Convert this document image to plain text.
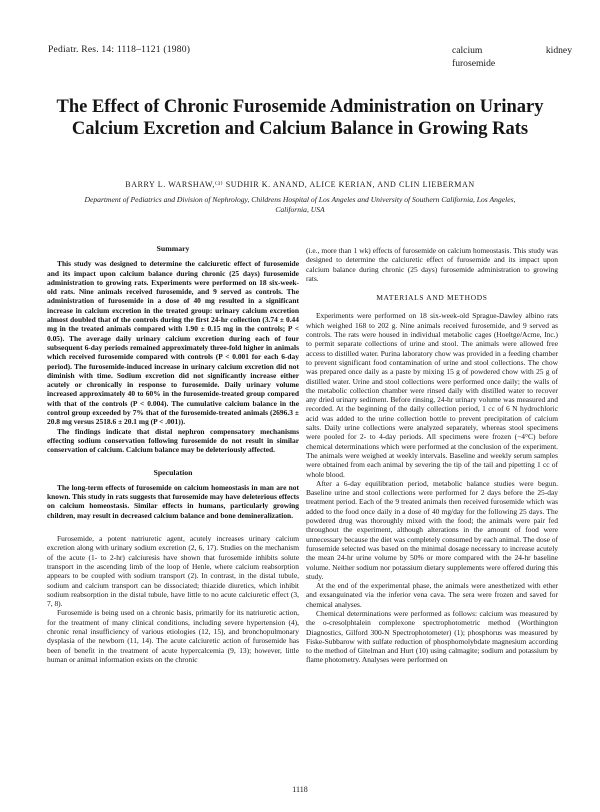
Pediatr. Res. 14: 1118–1121 (1980)	calcium	kidney
furosemide
The Effect of Chronic Furosemide Administration on Urinary Calcium Excretion and Calcium Balance in Growing Rats
BARRY L. WARSHAW,⁽³⁾ SUDHIR K. ANAND, ALICE KERIAN, AND CLIN LIEBERMAN
Department of Pediatrics and Division of Nephrology, Childrens Hospital of Los Angeles and University of Southern California, Los Angeles, California, USA
Summary

This study was designed to determine the calciuretic effect of furosemide and its impact upon calcium balance during chronic (25 days) furosemide administration to growing rats. Experiments were performed on 18 six-week-old rats. Nine animals received furosemide, and 9 served as controls. The administration of furosemide in a dose of 40 mg resulted in a significant increase in calcium excretion in the treated group: urinary calcium excretion almost doubled that of the controls during the first 24-hr collection (3.74 ± 0.44 mg in the treated animals compared with 1.90 ± 0.15 mg in the controls; P < 0.05). The average daily urinary calcium excretion during each of four subsequent 6-day periods remained approximately three-fold higher in animals which received furosemide compared with controls (P < 0.001 for each 6-day period). The furosemide-induced increase in urinary calcium excretion did not diminish with time. Sodium excretion did not significantly increase either acutely or chronically in response to furosemide. Daily urinary volume increased approximately 40 to 60% in the furosemide-treated group compared with that of the controls (P < 0.004). The cumulative calcium balance in the control group exceeded by 7% that of the furosemide-treated animals (2696.3 ± 20.8 mg versus 2518.6 ± 20.1 mg (P < .001)).

The findings indicate that distal nephron compensatory mechanisms effecting sodium conservation following furosemide do not result in similar conservation of calcium. Calcium balance may be deleteriously affected.

Speculation

The long-term effects of furosemide on calcium homeostasis in man are not known. This study in rats suggests that furosemide may have deleterious effects on calcium homeostasis. Similar effects in humans, particularly growing children, may result in decreased calcium balance and bone demineralization.

Furosemide, a potent natriuretic agent, acutely increases urinary calcium excretion along with urinary sodium excretion (2, 6, 17). Studies on the mechanism of the acute (1- to 2-hr) calciuresis have shown that furosemide inhibits solute transport in the ascending limb of the loop of Henle, where calcium reabsorption appears to be coupled with sodium transport (2). In contrast, in the distal tubule, sodium and calcium transport can be dissociated; thiazide diuretics, which inhibit sodium reabsorption in the distal tubule, have little to no acute calciuretic effect (3, 7, 8).

Furosemide is being used on a chronic basis, primarily for its natriuretic action, for the treatment of many clinical conditions, including severe hypertension (4), chronic renal insufficiency of various etiologies (12, 15), and bronchopulmonary dysplasia of the newborn (11, 14). The acute calciuretic action of furosemide has been of benefit in the treatment of acute hypercalcemia (9, 13); however, little human or animal information exists on the chronic

(i.e., more than 1 wk) effects of furosemide on calcium homeostasis. This study was designed to determine the calciuretic effect of furosemide and its impact upon calcium balance during chronic (25 days) furosemide administration to growing rats.

MATERIALS AND METHODS

Experiments were performed on 18 six-week-old Sprague-Dawley albino rats which weighed 168 to 202 g. Nine animals received furosemide, and 9 served as controls. The rats were housed in individual metabolic cages (Hoeltge/Acme, Inc.) to permit separate collections of urine and stool. The animals were allowed free access to distilled water. Purina laboratory chow was provided in a feeding chamber to prevent significant food contamination of urine and stool collections. The chow was prepared once daily as a paste by mixing 15 g of powdered chow with 25 g of distilled water. Urine and stool collections were performed once daily; the walls of the metabolic collection chamber were rinsed daily with distilled water to recover any dried urinary sediment. Before rinsing, 24-hr urinary volume was measured and recorded. At the beginning of the daily collection period, 1 cc of 6 N hydrochloric acid was added to the urine collection bottle to prevent precipitation of calcium salts. Daily urine collections were analyzed separately, whereas stool specimens were pooled for 2- to 4-day periods. All specimens were frozen (−4°C) before chemical determinations which were performed at the conclusion of the experiment. The animals were weighed at weekly intervals. Baseline and weekly serum samples were obtained from each animal by severing the tip of the tail and pipetting 1 cc of whole blood.

After a 6-day equilibration period, metabolic balance studies were begun. Baseline urine and stool collections were performed for 2 days before the 25-day treatment period. Each of the 9 treated animals then received furosemide which was added to the food once daily in a dose of 40 mg/day for the following 25 days. The powdered drug was thoroughly mixed with the food; the animals were pair fed throughout the experiment, although alterations in the amount of food were unnecessary because the diet was completely consumed by each animal. The dose of furosemide selected was based on the minimal dosage necessary to increase acutely the mean 24-hr urine volume by 50% or more compared with the 24-hr baseline volume. Neither sodium nor potassium dietary supplements were offered during this study.

At the end of the experimental phase, the animals were anesthetized with ether and exsanguinated via the inferior vena cava. The sera were frozen and saved for chemical analyses.

Chemical determinations were performed as follows: calcium was measured by the o-cresolphtalein complexone spectrophotometric method (Worthington Diagnostics, Gilford 300-N Spectrophotometer) (1); phosphorus was measured by Fiske-Subbarow with sulfate reduction of phosphomolybdate magnesium according to the method of Gitelman and Hurt (10) using calmagite; sodium and potassium by flame photometry. Analyses were performed on

1118
